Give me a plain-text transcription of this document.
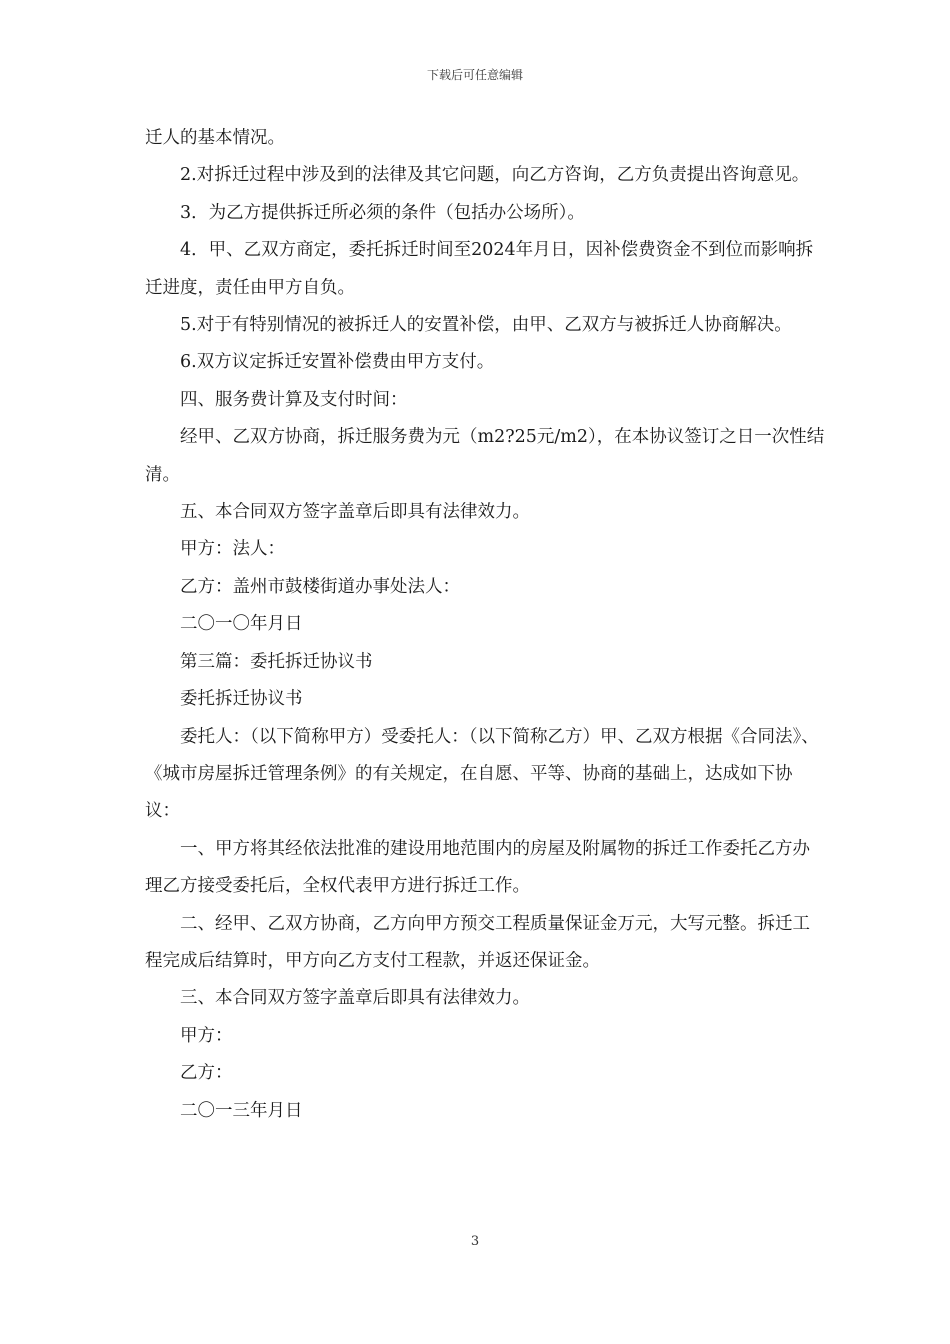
下载后可任意编辑

迁人的基本情况。

2.对拆迁过程中涉及到的法律及其它问题，向乙方咨询，乙方负责提出咨询意见。

3．为乙方提供拆迁所必须的条件（包括办公场所）。

4．甲、乙双方商定，委托拆迁时间至2024年月日，因补偿费资金不到位而影响拆迁进度，责任由甲方自负。

5.对于有特别情况的被拆迁人的安置补偿，由甲、乙双方与被拆迁人协商解决。

6.双方议定拆迁安置补偿费由甲方支付。

四、服务费计算及支付时间：

经甲、乙双方协商，拆迁服务费为元（m2?25元/m2），在本协议签订之日一次性结清。

五、本合同双方签字盖章后即具有法律效力。

甲方：法人：

乙方：盖州市鼓楼街道办事处法人：

二〇一〇年月日

第三篇：委托拆迁协议书

委托拆迁协议书

委托人：（以下简称甲方）受委托人：（以下简称乙方）甲、乙双方根据《合同法》、《城市房屋拆迁管理条例》的有关规定，在自愿、平等、协商的基础上，达成如下协议：

一、甲方将其经依法批准的建设用地范围内的房屋及附属物的拆迁工作委托乙方办理乙方接受委托后，全权代表甲方进行拆迁工作。

二、经甲、乙双方协商，乙方向甲方预交工程质量保证金万元，大写元整。拆迁工程完成后结算时，甲方向乙方支付工程款，并返还保证金。

三、本合同双方签字盖章后即具有法律效力。

甲方：

乙方：

二〇一三年月日

3
